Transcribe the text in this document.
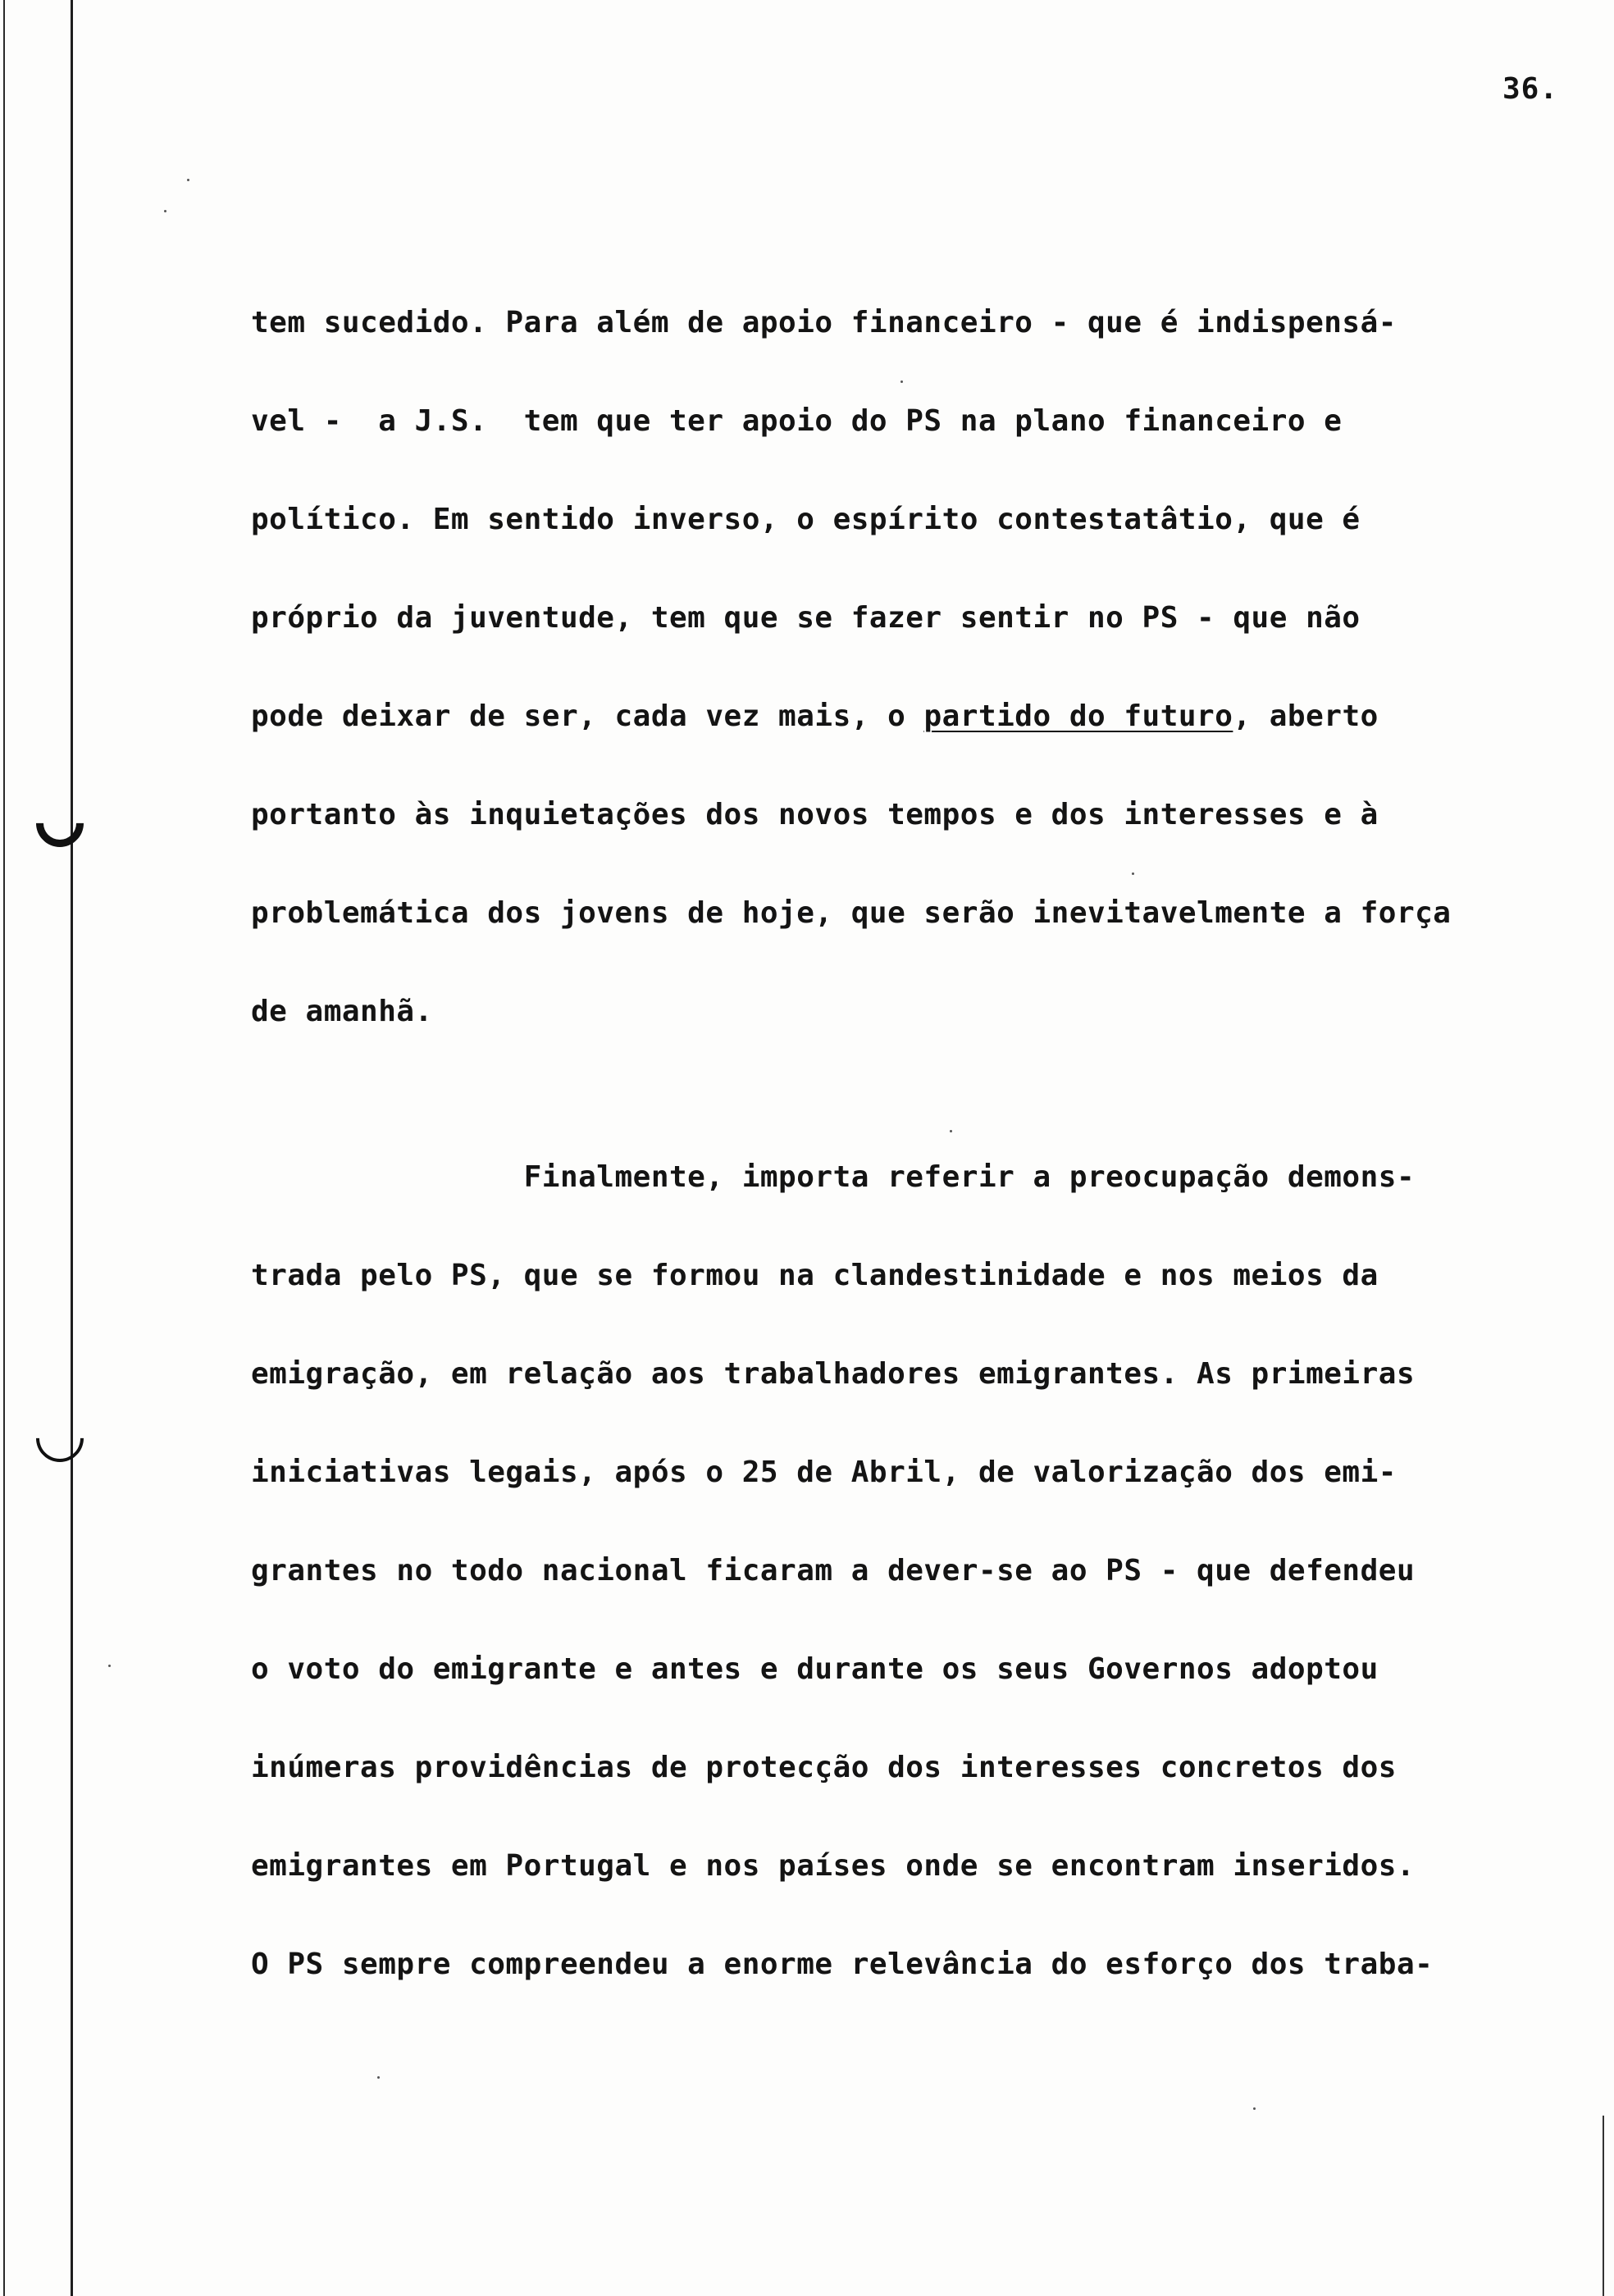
36.
tem sucedido. Para além de apoio financeiro - que é indispensá-
vel -  a J.S.  tem que ter apoio do PS na plano financeiro e
político. Em sentido inverso, o espírito contestatâtio, que é
próprio da juventude, tem que se fazer sentir no PS - que não
pode deixar de ser, cada vez mais, o partido do futuro, aberto
portanto às inquietações dos novos tempos e dos interesses e à
problemática dos jovens de hoje, que serão inevitavelmente a força
de amanhã.
Finalmente, importa referir a preocupação demons-
trada pelo PS, que se formou na clandestinidade e nos meios da
emigração, em relação aos trabalhadores emigrantes. As primeiras
iniciativas legais, após o 25 de Abril, de valorização dos emi-
grantes no todo nacional ficaram a dever-se ao PS - que defendeu
o voto do emigrante e antes e durante os seus Governos adoptou
inúmeras providências de protecção dos interesses concretos dos
emigrantes em Portugal e nos países onde se encontram inseridos.
O PS sempre compreendeu a enorme relevância do esforço dos traba-
